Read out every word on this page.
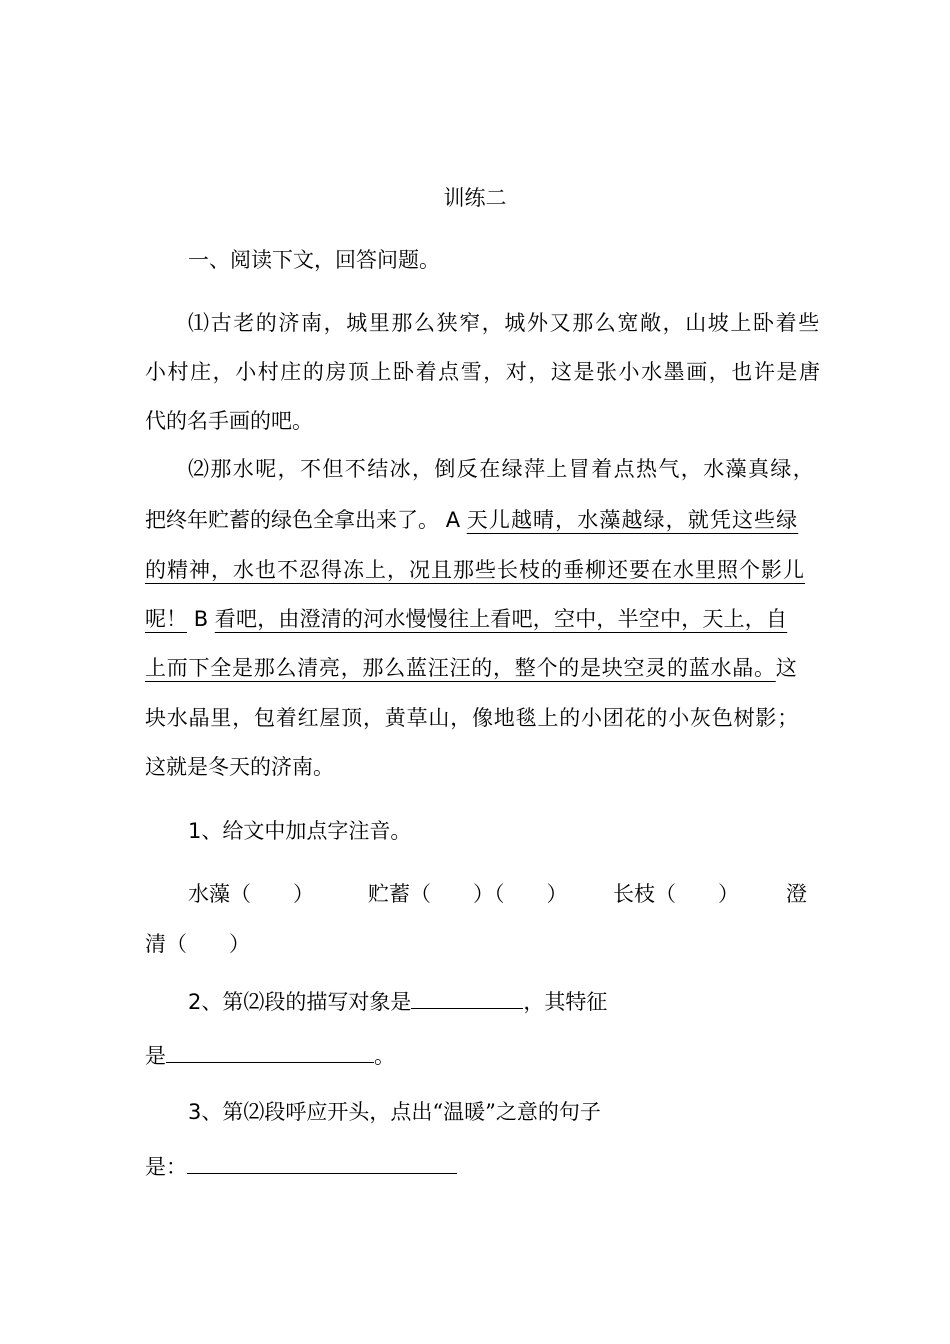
训练二
一、阅读下文，回答问题。
⑴古老的济南，城里那么狭窄，城外又那么宽敞，山坡上卧着些
小村庄，小村庄的房顶上卧着点雪，对，这是张小水墨画，也许是唐
代的名手画的吧。
⑵那水呢，不但不结冰，倒反在绿萍上冒着点热气，水藻真绿，
把终年贮蓄的绿色全拿出来了。 A 天儿越晴，水藻越绿，就凭这些绿
的精神，水也不忍得冻上，况且那些长枝的垂柳还要在水里照个影儿
呢！ B 看吧，由澄清的河水慢慢往上看吧，空中，半空中，天上，自
上而下全是那么清亮，那么蓝汪汪的，整个的是块空灵的蓝水晶。这
块水晶里，包着红屋顶，黄草山，像地毯上的小团花的小灰色树影；
这就是冬天的济南。
1、给文中加点字注音。
水藻（　　）	贮蓄（　　）（　　） 长枝（　　） 澄
清（　　）
2、第⑵段的描写对象是	，其特征
是	。
3、第⑵段呼应开头，点出“温暖”之意的句子
是：
